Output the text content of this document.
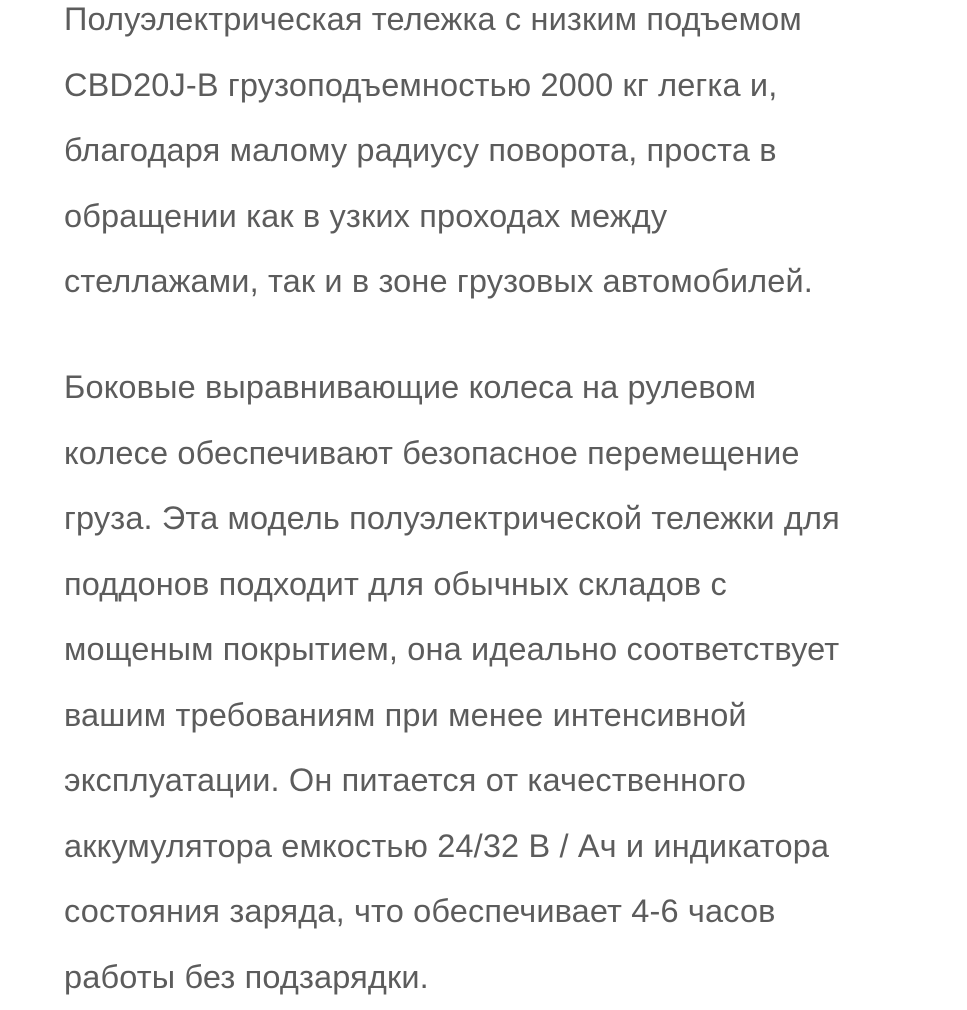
Полуэлектрическая тележка с низким подъемом
CBD20J-B грузоподъемностью 2000 кг легка и,
благодаря малому радиусу поворота, проста в
обращении как в узких проходах между
стеллажами, так и в зоне грузовых автомобилей.
Боковые выравнивающие колеса на рулевом
колесе обеспечивают безопасное перемещение
груза. Эта модель полуэлектрической тележки для
поддонов подходит для обычных складов с
мощеным покрытием, она идеально соответствует
вашим требованиям при менее интенсивной
эксплуатации. Он питается от качественного
аккумулятора емкостью 24/32 В / Ач и индикатора
состояния заряда, что обеспечивает 4-6 часов
работы без подзарядки.
